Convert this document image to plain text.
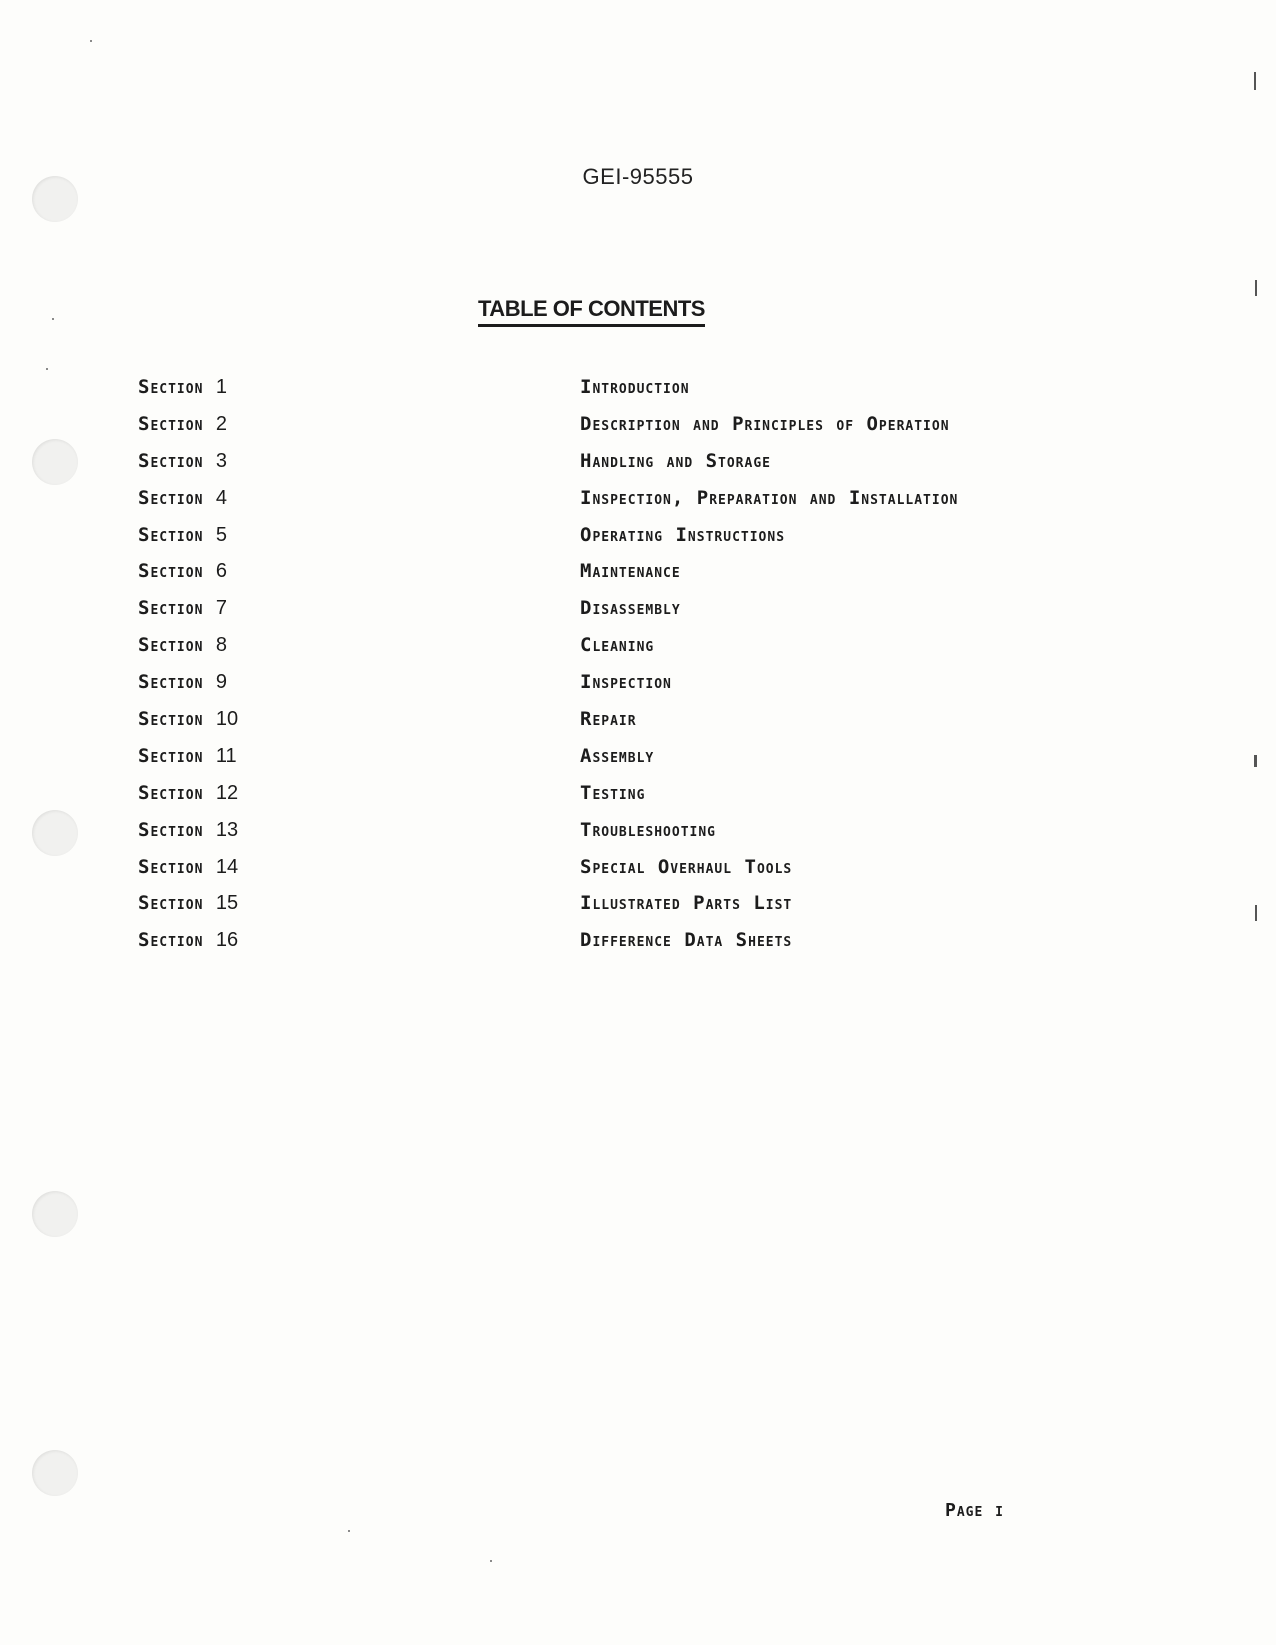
GEI-95555
TABLE OF CONTENTS
Section 1	Introduction
Section 2	Description and Principles of Operation
Section 3	Handling and Storage
Section 4	Inspection, Preparation and Installation
Section 5	Operating Instructions
Section 6	Maintenance
Section 7	Disassembly
Section 8	Cleaning
Section 9	Inspection
Section 10	Repair
Section 11	Assembly
Section 12	Testing
Section 13	Troubleshooting
Section 14	Special Overhaul Tools
Section 15	Illustrated Parts List
Section 16	Difference Data Sheets
Page i
